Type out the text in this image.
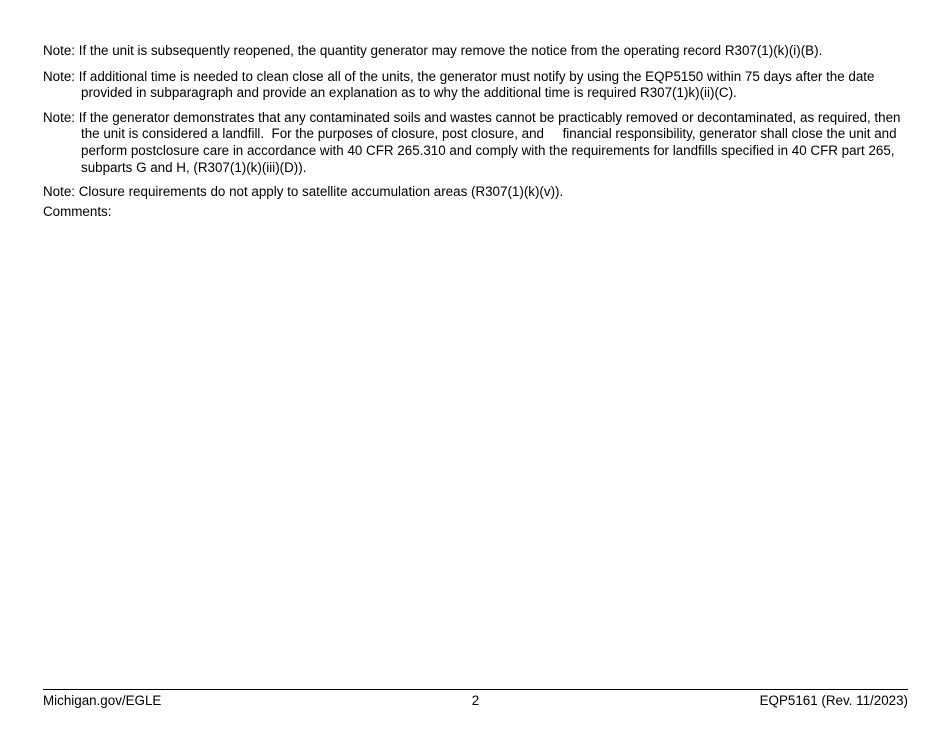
Note: If the unit is subsequently reopened, the quantity generator may remove the notice from the operating record R307(1)(k)(i)(B).

Note: If additional time is needed to clean close all of the units, the generator must notify by using the EQP5150 within 75 days after the date provided in subparagraph and provide an explanation as to why the additional time is required R307(1)k)(ii)(C).

Note: If the generator demonstrates that any contaminated soils and wastes cannot be practicably removed or decontaminated, as required, then the unit is considered a landfill.  For the purposes of closure, post closure, and     financial responsibility, generator shall close the unit and perform postclosure care in accordance with 40 CFR 265.310 and comply with the requirements for landfills specified in 40 CFR part 265, subparts G and H, (R307(1)(k)(iii)(D)).

Note: Closure requirements do not apply to satellite accumulation areas (R307(1)(k)(v)).

Comments:

Michigan.gov/EGLE	2	EQP5161 (Rev. 11/2023)
